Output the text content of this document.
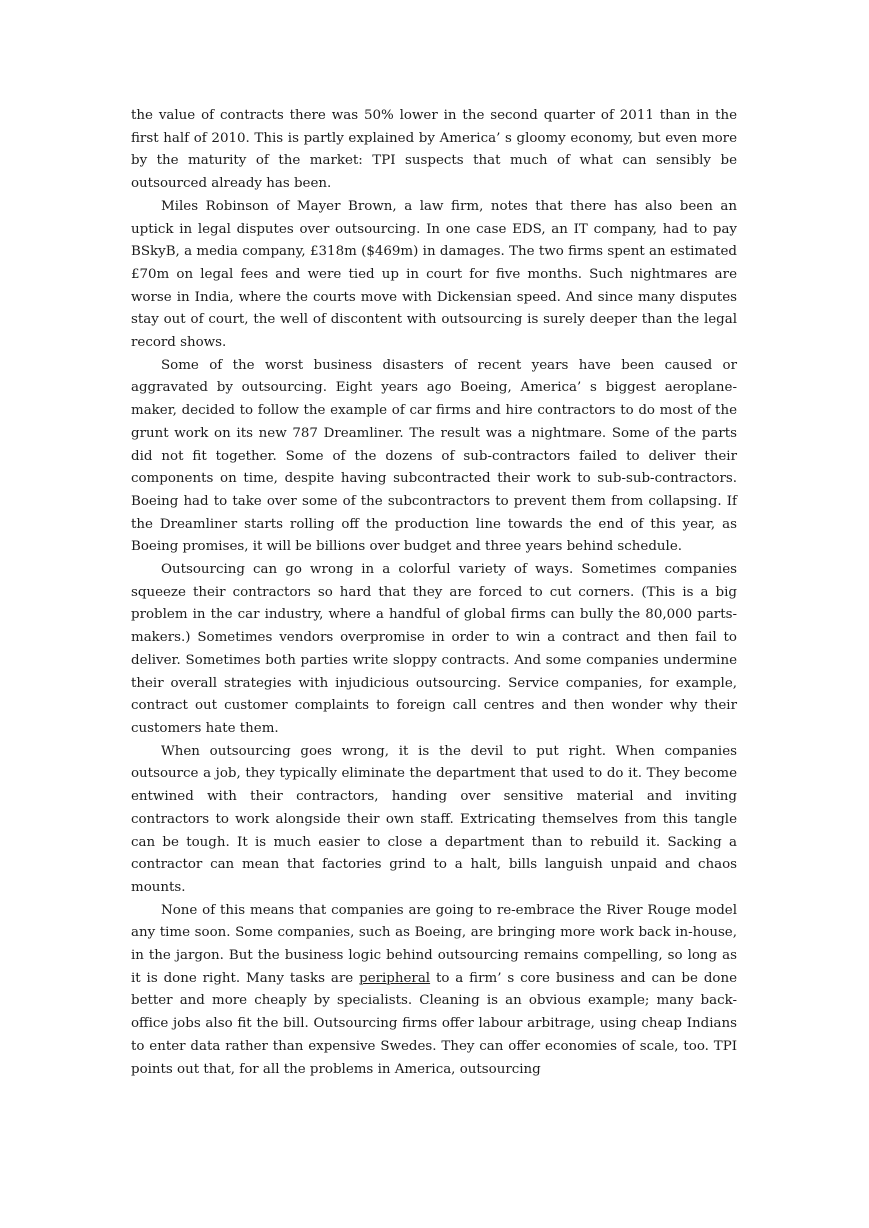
the value of contracts there was 50% lower in the second quarter of 2011 than in the first half of 2010. This is partly explained by America’ s gloomy economy, but even more by the maturity of the market: TPI suspects that much of what can sensibly be outsourced already has been.

Miles Robinson of Mayer Brown, a law firm, notes that there has also been an uptick in legal disputes over outsourcing. In one case EDS, an IT company, had to pay BSkyB, a media company, £318m ($469m) in damages. The two firms spent an estimated £70m on legal fees and were tied up in court for five months. Such nightmares are worse in India, where the courts move with Dickensian speed. And since many disputes stay out of court, the well of discontent with outsourcing is surely deeper than the legal record shows.

Some of the worst business disasters of recent years have been caused or aggravated by outsourcing. Eight years ago Boeing, America’ s biggest aeroplane-maker, decided to follow the example of car firms and hire contractors to do most of the grunt work on its new 787 Dreamliner. The result was a nightmare. Some of the parts did not fit together. Some of the dozens of sub-contractors failed to deliver their components on time, despite having subcontracted their work to sub-sub-contractors. Boeing had to take over some of the subcontractors to prevent them from collapsing. If the Dreamliner starts rolling off the production line towards the end of this year, as Boeing promises, it will be billions over budget and three years behind schedule.

Outsourcing can go wrong in a colorful variety of ways. Sometimes companies squeeze their contractors so hard that they are forced to cut corners. (This is a big problem in the car industry, where a handful of global firms can bully the 80,000 parts-makers.) Sometimes vendors overpromise in order to win a contract and then fail to deliver. Sometimes both parties write sloppy contracts. And some companies undermine their overall strategies with injudicious outsourcing. Service companies, for example, contract out customer complaints to foreign call centres and then wonder why their customers hate them.

When outsourcing goes wrong, it is the devil to put right. When companies outsource a job, they typically eliminate the department that used to do it. They become entwined with their contractors, handing over sensitive material and inviting contractors to work alongside their own staff. Extricating themselves from this tangle can be tough. It is much easier to close a department than to rebuild it. Sacking a contractor can mean that factories grind to a halt, bills languish unpaid and chaos mounts.

None of this means that companies are going to re-embrace the River Rouge model any time soon. Some companies, such as Boeing, are bringing more work back in-house, in the jargon. But the business logic behind outsourcing remains compelling, so long as it is done right. Many tasks are peripheral to a firm’ s core business and can be done better and more cheaply by specialists. Cleaning is an obvious example; many back-office jobs also fit the bill. Outsourcing firms offer labour arbitrage, using cheap Indians to enter data rather than expensive Swedes. They can offer economies of scale, too. TPI points out that, for all the problems in America, outsourcing
